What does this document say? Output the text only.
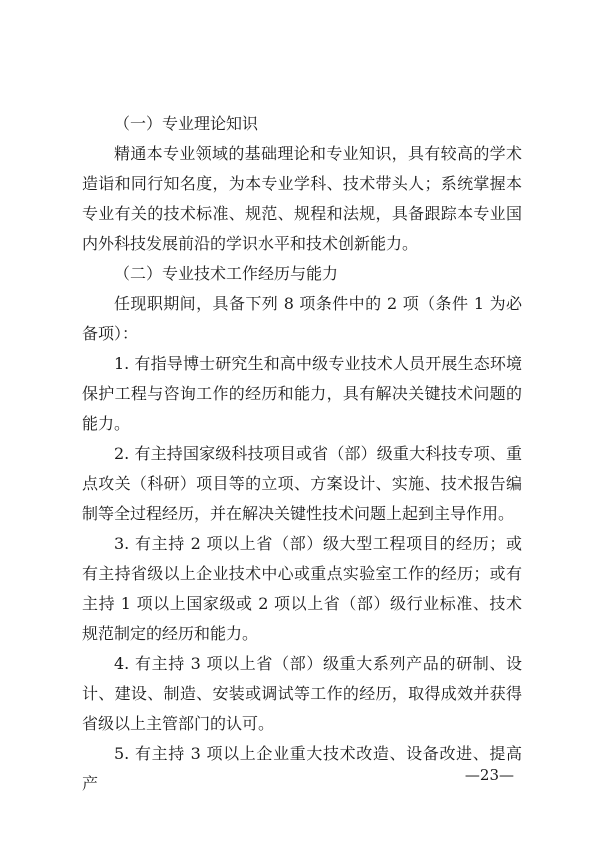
（一）专业理论知识

精通本专业领域的基础理论和专业知识，具有较高的学术造诣和同行知名度，为本专业学科、技术带头人；系统掌握本专业有关的技术标准、规范、规程和法规，具备跟踪本专业国内外科技发展前沿的学识水平和技术创新能力。

（二）专业技术工作经历与能力

任现职期间，具备下列 8 项条件中的 2 项（条件 1 为必备项）：

1. 有指导博士研究生和高中级专业技术人员开展生态环境保护工程与咨询工作的经历和能力，具有解决关键技术问题的能力。

2. 有主持国家级科技项目或省（部）级重大科技专项、重点攻关（科研）项目等的立项、方案设计、实施、技术报告编制等全过程经历，并在解决关键性技术问题上起到主导作用。

3. 有主持 2 项以上省（部）级大型工程项目的经历；或有主持省级以上企业技术中心或重点实验室工作的经历；或有主持 1 项以上国家级或 2 项以上省（部）级行业标准、技术规范制定的经历和能力。

4. 有主持 3 项以上省（部）级重大系列产品的研制、设计、建设、制造、安装或调试等工作的经历，取得成效并获得省级以上主管部门的认可。

5. 有主持 3 项以上企业重大技术改造、设备改进、提高产	—23—
